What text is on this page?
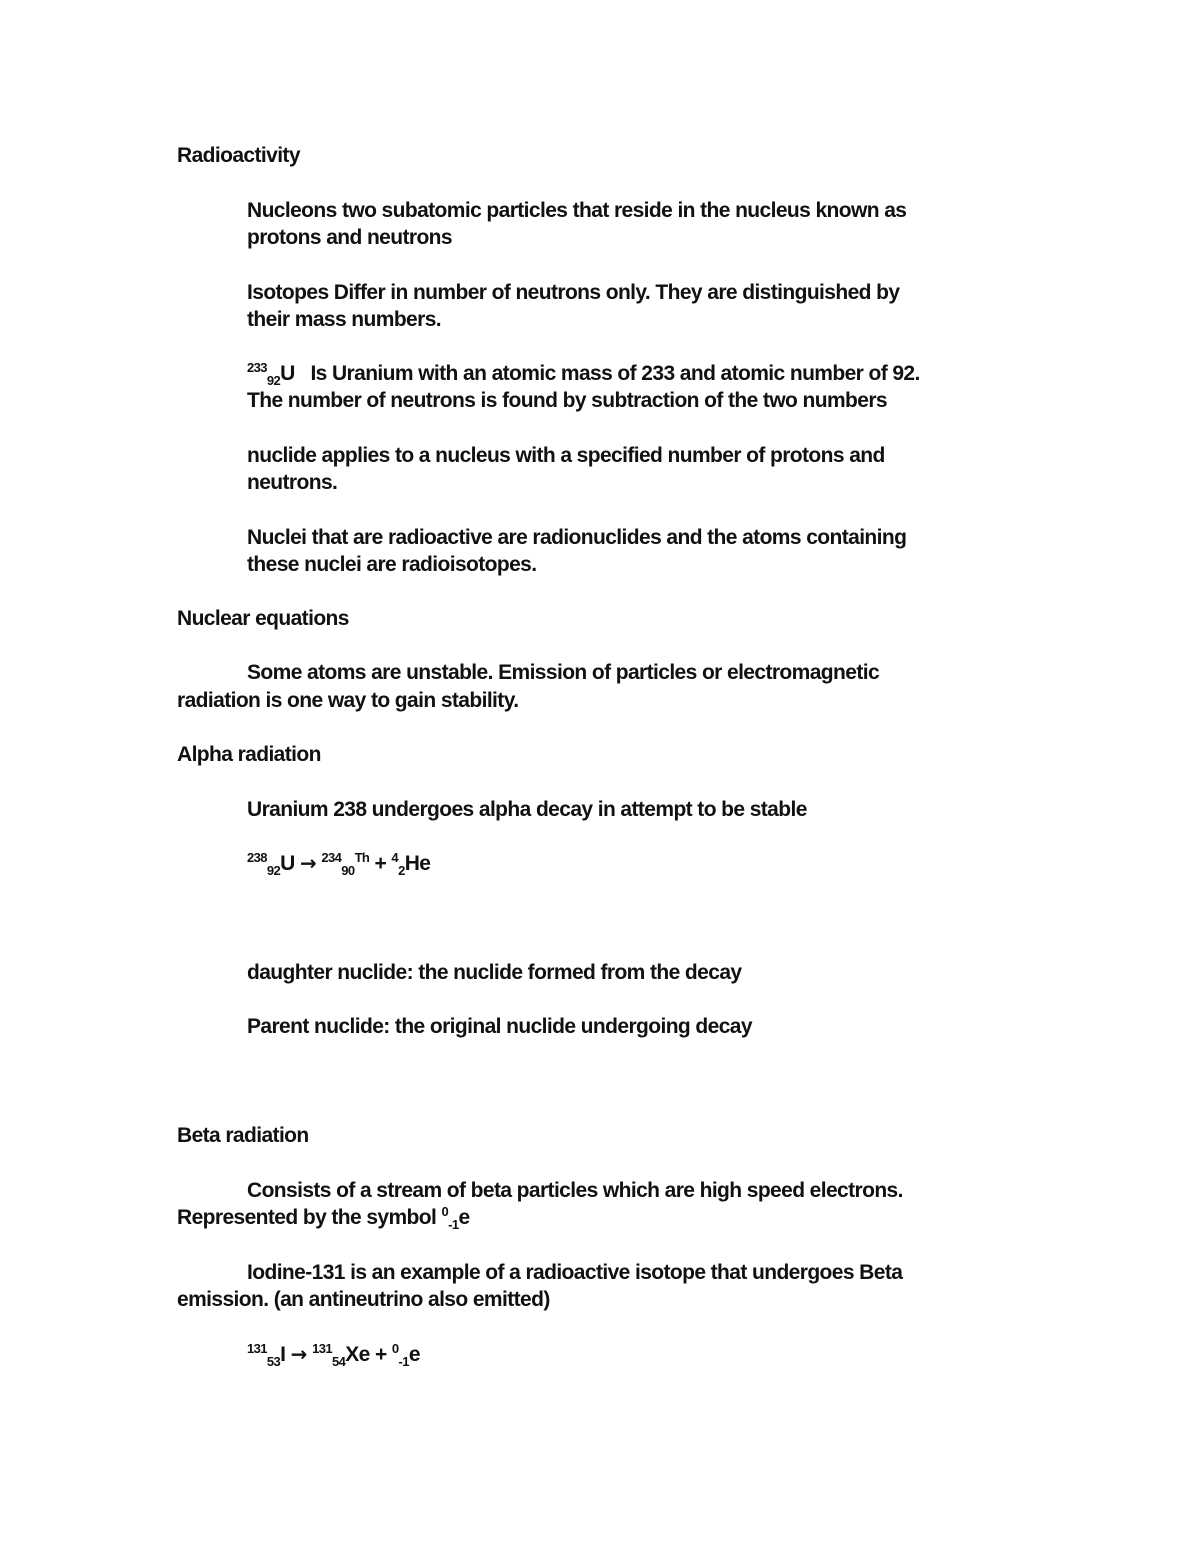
Radioactivity
Nucleons two subatomic particles that reside in the nucleus known as
protons and neutrons
Isotopes Differ in number of neutrons only. They are distinguished by
their mass numbers.
$^{233}_{92}$U   Is Uranium with an atomic mass of 233 and atomic number of 92.
The number of neutrons is found by subtraction of the two numbers
nuclide applies to a nucleus with a specified number of protons and
neutrons.
Nuclei that are radioactive are radionuclides and the atoms containing
these nuclei are radioisotopes.
Nuclear equations
Some atoms are unstable. Emission of particles or electromagnetic
radiation is one way to gain stability.
Alpha radiation
Uranium 238 undergoes alpha decay in attempt to be stable
$^{238}_{92}$U → $^{234}_{90}^{Th}$ + $^4_2$He
daughter nuclide: the nuclide formed from the decay
Parent nuclide: the original nuclide undergoing decay
Beta radiation
Consists of a stream of beta particles which are high speed electrons.
Represented by the symbol $^0_{-1}$e
Iodine-131 is an example of a radioactive isotope that undergoes Beta
emission. (an antineutrino also emitted)
$^{131}_{53}$I → $^{131}_{54}$Xe + $^0_{-1}$e
